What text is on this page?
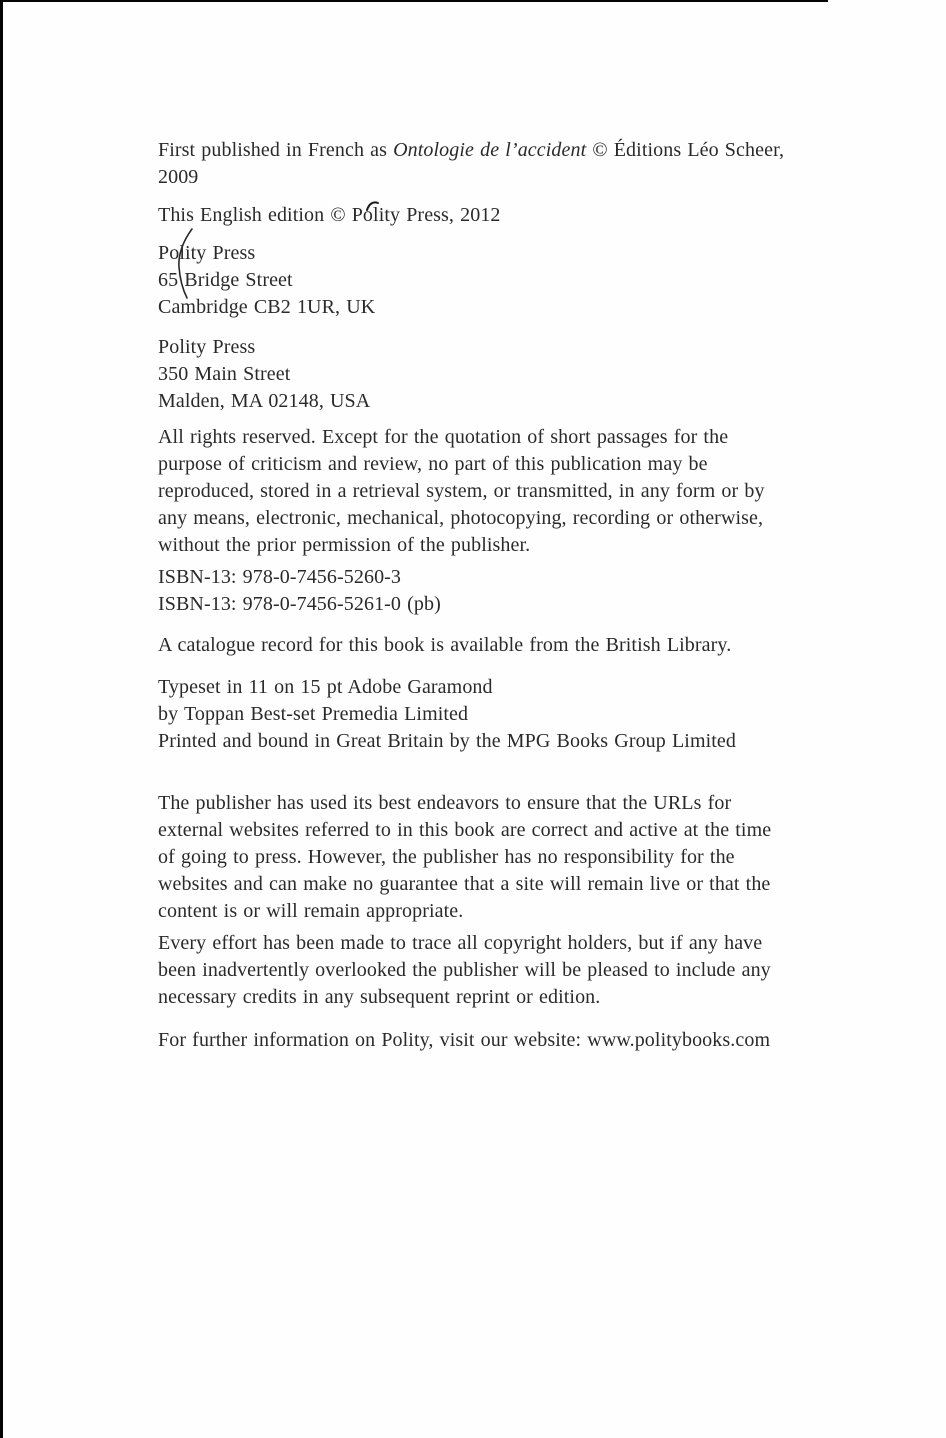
First published in French as Ontologie de l’accident © Éditions Léo Scheer,
2009
This English edition © Polity Press, 2012
Polity Press
65 Bridge Street
Cambridge CB2 1UR, UK
Polity Press
350 Main Street
Malden, MA 02148, USA
All rights reserved. Except for the quotation of short passages for the
purpose of criticism and review, no part of this publication may be
reproduced, stored in a retrieval system, or transmitted, in any form or by
any means, electronic, mechanical, photocopying, recording or otherwise,
without the prior permission of the publisher.
ISBN-13: 978-0-7456-5260-3
ISBN-13: 978-0-7456-5261-0 (pb)
A catalogue record for this book is available from the British Library.
Typeset in 11 on 15 pt Adobe Garamond
by Toppan Best-set Premedia Limited
Printed and bound in Great Britain by the MPG Books Group Limited
The publisher has used its best endeavors to ensure that the URLs for
external websites referred to in this book are correct and active at the time
of going to press. However, the publisher has no responsibility for the
websites and can make no guarantee that a site will remain live or that the
content is or will remain appropriate.
Every effort has been made to trace all copyright holders, but if any have
been inadvertently overlooked the publisher will be pleased to include any
necessary credits in any subsequent reprint or edition.
For further information on Polity, visit our website: www.politybooks.com
